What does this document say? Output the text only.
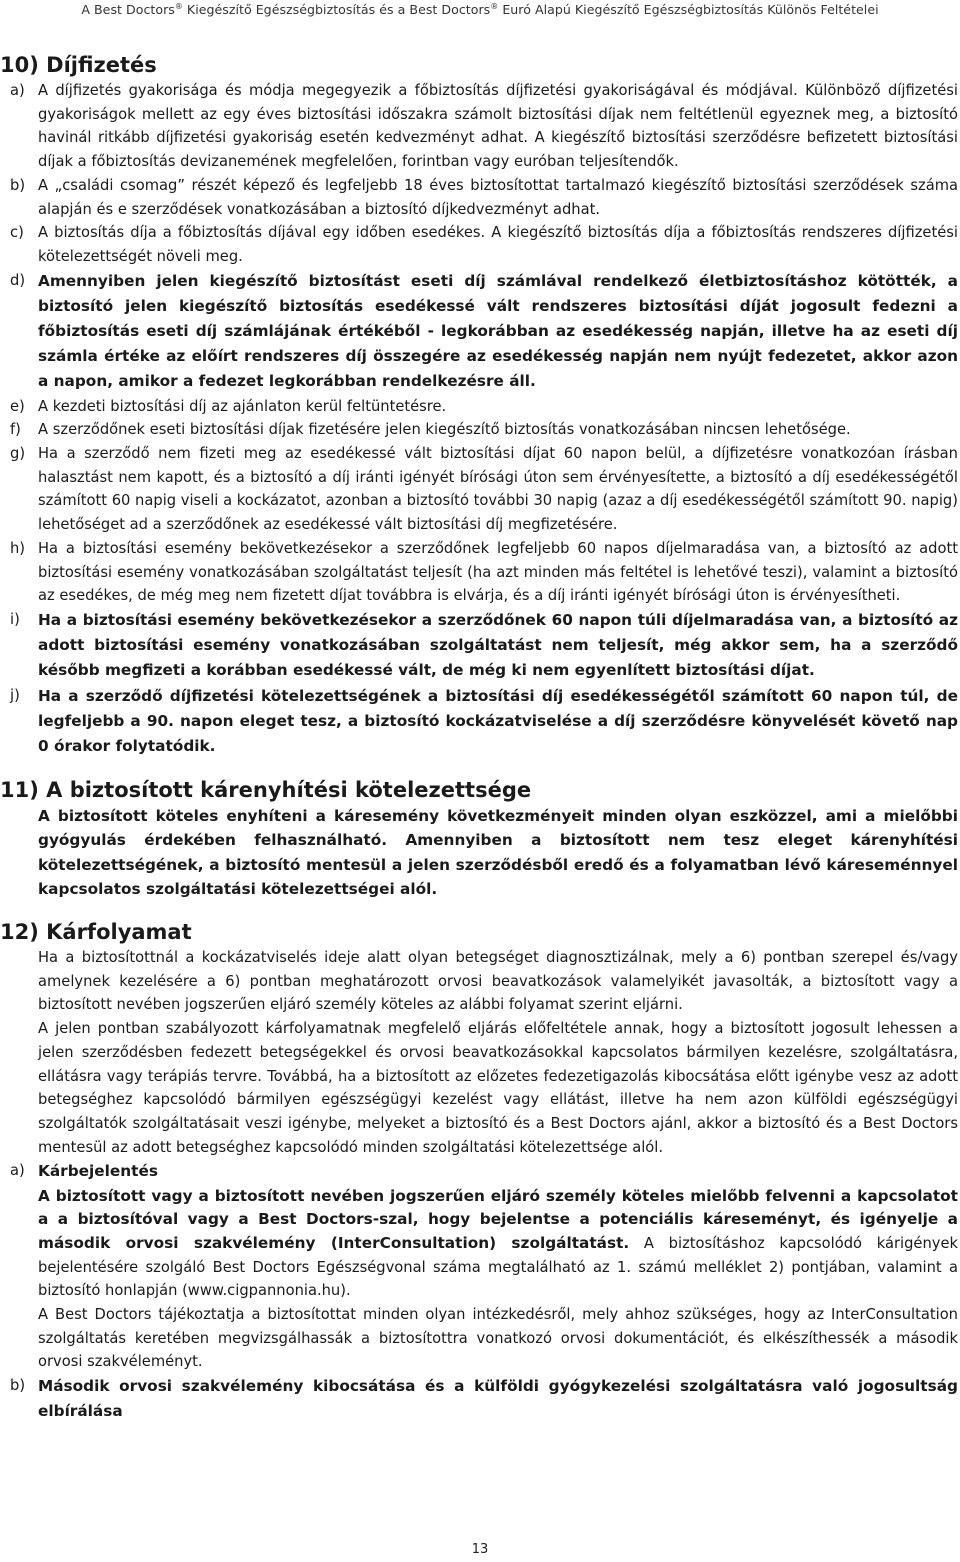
A Best Doctors® Kiegészítő Egészségbiztosítás és a Best Doctors® Euró Alapú Kiegészítő Egészségbiztosítás Különös Feltételei
10) Díjfizetés

a) A díjfizetés gyakorisága és módja megegyezik a főbiztosítás díjfizetési gyakoriságával és módjával. Különböző díjfizetési gyakoriságok mellett az egy éves biztosítási időszakra számolt biztosítási díjak nem feltétlenül egyeznek meg, a biztosító havinál ritkább díjfizetési gyakoriság esetén kedvezményt adhat. A kiegészítő biztosítási szerződésre befizetett biztosítási díjak a főbiztosítás devizanemének megfelelően, forintban vagy euróban teljesítendők.

b) A „családi csomag” részét képező és legfeljebb 18 éves biztosítottat tartalmazó kiegészítő biztosítási szerződések száma alapján és e szerződések vonatkozásában a biztosító díjkedvezményt adhat.

c) A biztosítás díja a főbiztosítás díjával egy időben esedékes. A kiegészítő biztosítás díja a főbiztosítás rendszeres díjfizetési kötelezettségét növeli meg.

d) Amennyiben jelen kiegészítő biztosítást eseti díj számlával rendelkező életbiztosításhoz kötötték, a biztosító jelen kiegészítő biztosítás esedékessé vált rendszeres biztosítási díját jogosult fedezni a főbiztosítás eseti díj számlájának értékéből - legkorábban az esedékesség napján, illetve ha az eseti díj számla értéke az előírt rendszeres díj összegére az esedékesség napján nem nyújt fedezetet, akkor azon a napon, amikor a fedezet legkorábban rendelkezésre áll.

e) A kezdeti biztosítási díj az ajánlaton kerül feltüntetésre.

f) A szerződőnek eseti biztosítási díjak fizetésére jelen kiegészítő biztosítás vonatkozásában nincsen lehetősége.

g) Ha a szerződő nem fizeti meg az esedékessé vált biztosítási díjat 60 napon belül, a díjfizetésre vonatkozóan írásban halasztást nem kapott, és a biztosító a díj iránti igényét bírósági úton sem érvényesítette, a biztosító a díj esedékességétől számított 60 napig viseli a kockázatot, azonban a biztosító további 30 napig (azaz a díj esedékességétől számított 90. napig) lehetőséget ad a szerződőnek az esedékessé vált biztosítási díj megfizetésére.

h) Ha a biztosítási esemény bekövetkezésekor a szerződőnek legfeljebb 60 napos díjelmaradása van, a biztosító az adott biztosítási esemény vonatkozásában szolgáltatást teljesít (ha azt minden más feltétel is lehetővé teszi), valamint a biztosító az esedékes, de még meg nem fizetett díjat továbbra is elvárja, és a díj iránti igényét bírósági úton is érvényesítheti.

i) Ha a biztosítási esemény bekövetkezésekor a szerződőnek 60 napon túli díjelmaradása van, a biztosító az adott biztosítási esemény vonatkozásában szolgáltatást nem teljesít, még akkor sem, ha a szerződő később megfizeti a korábban esedékessé vált, de még ki nem egyenlített biztosítási díjat.

j) Ha a szerződő díjfizetési kötelezettségének a biztosítási díj esedékességétől számított 60 napon túl, de legfeljebb a 90. napon eleget tesz, a biztosító kockázatviselése a díj szerződésre könyvelését követő nap 0 órakor folytatódik.

11) A biztosított kárenyhítési kötelezettsége

A biztosított köteles enyhíteni a káresemény következményeit minden olyan eszközzel, ami a mielőbbi gyógyulás érdekében felhasználható. Amennyiben a biztosított nem tesz eleget kárenyhítési kötelezettségének, a biztosító mentesül a jelen szerződésből eredő és a folyamatban lévő káreseménnyel kapcsolatos szolgáltatási kötelezettségei alól.

12) Kárfolyamat

Ha a biztosítottnál a kockázatviselés ideje alatt olyan betegséget diagnosztizálnak, mely a 6) pontban szerepel és/vagy amelynek kezelésére a 6) pontban meghatározott orvosi beavatkozások valamelyikét javasolták, a biztosított vagy a biztosított nevében jogszerűen eljáró személy köteles az alábbi folyamat szerint eljárni.

A jelen pontban szabályozott kárfolyamatnak megfelelő eljárás előfeltétele annak, hogy a biztosított jogosult lehessen a jelen szerződésben fedezett betegségekkel és orvosi beavatkozásokkal kapcsolatos bármilyen kezelésre, szolgáltatásra, ellátásra vagy terápiás tervre. Továbbá, ha a biztosított az előzetes fedezetigazolás kibocsátása előtt igénybe vesz az adott betegséghez kapcsolódó bármilyen egészségügyi kezelést vagy ellátást, illetve ha nem azon külföldi egészségügyi szolgáltatók szolgáltatásait veszi igénybe, melyeket a biztosító és a Best Doctors ajánl, akkor a biztosító és a Best Doctors mentesül az adott betegséghez kapcsolódó minden szolgáltatási kötelezettsége alól.

a) Kárbejelentés

A biztosított vagy a biztosított nevében jogszerűen eljáró személy köteles mielőbb felvenni a kapcsolatot a a biztosítóval vagy a Best Doctors-szal, hogy bejelentse a potenciális káreseményt, és igényelje a második orvosi szakvélemény (InterConsultation) szolgáltatást. A biztosításhoz kapcsolódó kárigények bejelentésére szolgáló Best Doctors Egészségvonal száma megtalálható az 1. számú melléklet 2) pontjában, valamint a biztosító honlapján (www.cigpannonia.hu).

A Best Doctors tájékoztatja a biztosítottat minden olyan intézkedésről, mely ahhoz szükséges, hogy az InterConsultation szolgáltatás keretében megvizsgálhassák a biztosítottra vonatkozó orvosi dokumentációt, és elkészíthessék a második orvosi szakvéleményt.

b) Második orvosi szakvélemény kibocsátása és a külföldi gyógykezelési szolgáltatásra való jogosultság elbírálása

13
